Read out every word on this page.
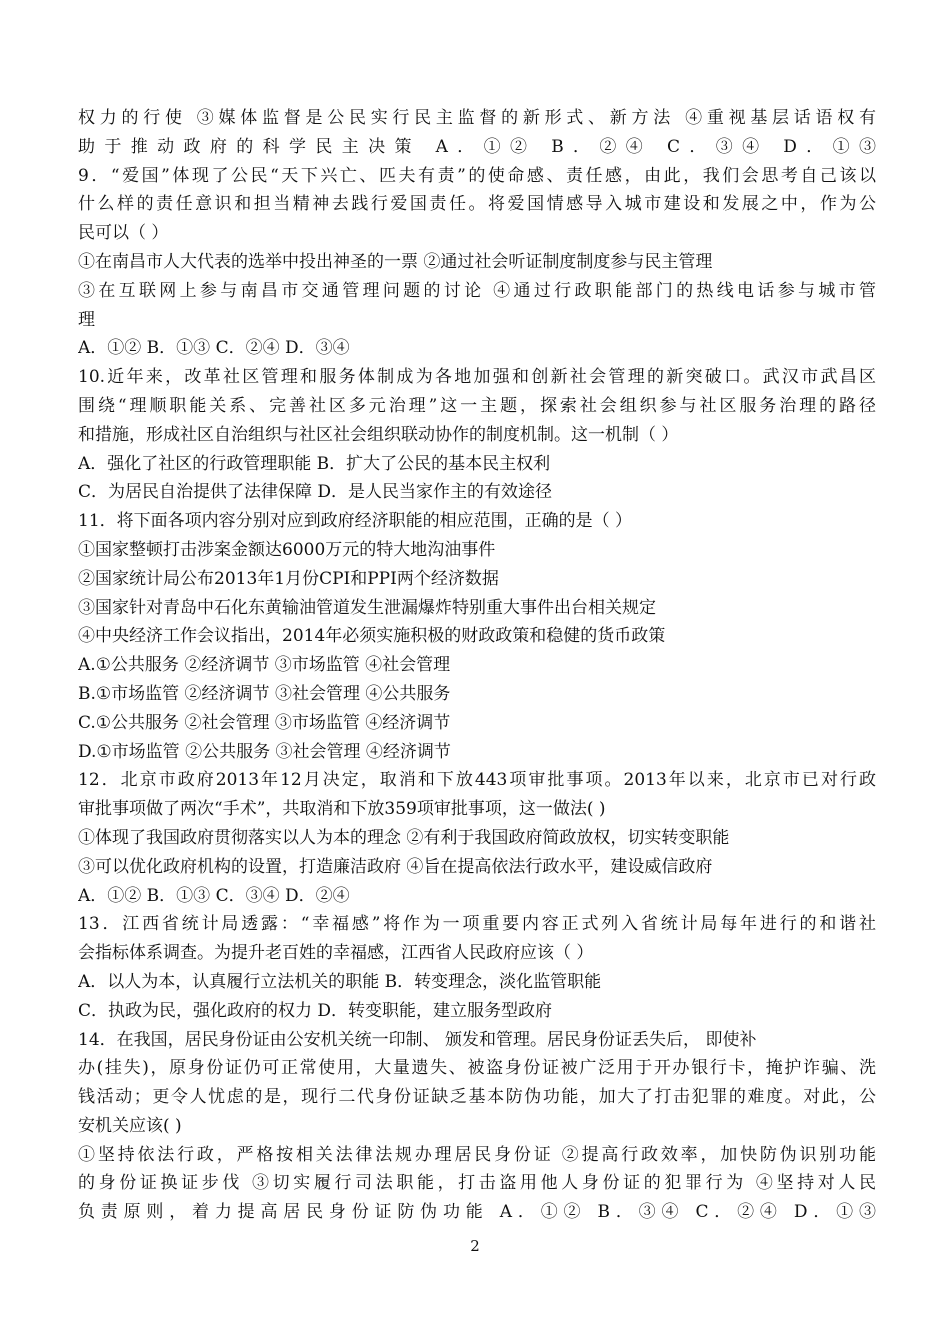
权力的行使 ③媒体监督是公民实行民主监督的新形式、新方法 ④重视基层话语权有
助于推动政府的科学民主决策 A．①② B．②④ C．③④ D．①③
9．“爱国”体现了公民“天下兴亡、匹夫有责”的使命感、责任感，由此，我们会思考自己该以
什么样的责任意识和担当精神去践行爱国责任。将爱国情感导入城市建设和发展之中，作为公
民可以（ ）
①在南昌市人大代表的选举中投出神圣的一票 ②通过社会听证制度制度参与民主管理
③在互联网上参与南昌市交通管理问题的讨论 ④通过行政职能部门的热线电话参与城市管
理
A．①② B．①③ C．②④ D．③④
10.近年来，改革社区管理和服务体制成为各地加强和创新社会管理的新突破口。武汉市武昌区
围绕“理顺职能关系、完善社区多元治理”这一主题，探索社会组织参与社区服务治理的路径
和措施，形成社区自治组织与社区社会组织联动协作的制度机制。这一机制（ ）
A．强化了社区的行政管理职能 B．扩大了公民的基本民主权利
C．为居民自治提供了法律保障 D．是人民当家作主的有效途径
11．将下面各项内容分别对应到政府经济职能的相应范围，正确的是（ ）
①国家整顿打击涉案金额达6000万元的特大地沟油事件
②国家统计局公布2013年1月份CPI和PPI两个经济数据
③国家针对青岛中石化东黄输油管道发生泄漏爆炸特别重大事件出台相关规定
④中央经济工作会议指出，2014年必须实施积极的财政政策和稳健的货币政策
A.①公共服务 ②经济调节 ③市场监管 ④社会管理
B.①市场监管 ②经济调节 ③社会管理 ④公共服务
C.①公共服务 ②社会管理 ③市场监管 ④经济调节
D.①市场监管 ②公共服务 ③社会管理 ④经济调节
12．北京市政府2013年12月决定，取消和下放443项审批事项。2013年以来，北京市已对行政
审批事项做了两次“手术”，共取消和下放359项审批事项，这一做法( )
①体现了我国政府贯彻落实以人为本的理念 ②有利于我国政府简政放权，切实转变职能
③可以优化政府机构的设置，打造廉洁政府 ④旨在提高依法行政水平，建设威信政府
A．①② B．①③ C．③④ D．②④
13．江西省统计局透露：“幸福感”将作为一项重要内容正式列入省统计局每年进行的和谐社
会指标体系调查。为提升老百姓的幸福感，江西省人民政府应该（ ）
A．以人为本，认真履行立法机关的职能 B．转变理念，淡化监管职能
C．执政为民，强化政府的权力 D．转变职能，建立服务型政府
14．在我国，居民身份证由公安机关统一印制、 颁发和管理。居民身份证丢失后， 即使补
办(挂失)，原身份证仍可正常使用，大量遗失、被盗身份证被广泛用于开办银行卡，掩护诈骗、洗
钱活动；更令人忧虑的是，现行二代身份证缺乏基本防伪功能，加大了打击犯罪的难度。对此，公
安机关应该( )
①坚持依法行政，严格按相关法律法规办理居民身份证 ②提高行政效率，加快防伪识别功能
的身份证换证步伐 ③切实履行司法职能，打击盗用他人身份证的犯罪行为 ④坚持对人民
负责原则，着力提高居民身份证防伪功能 A．①② B．③④ C．②④ D．①③
2
